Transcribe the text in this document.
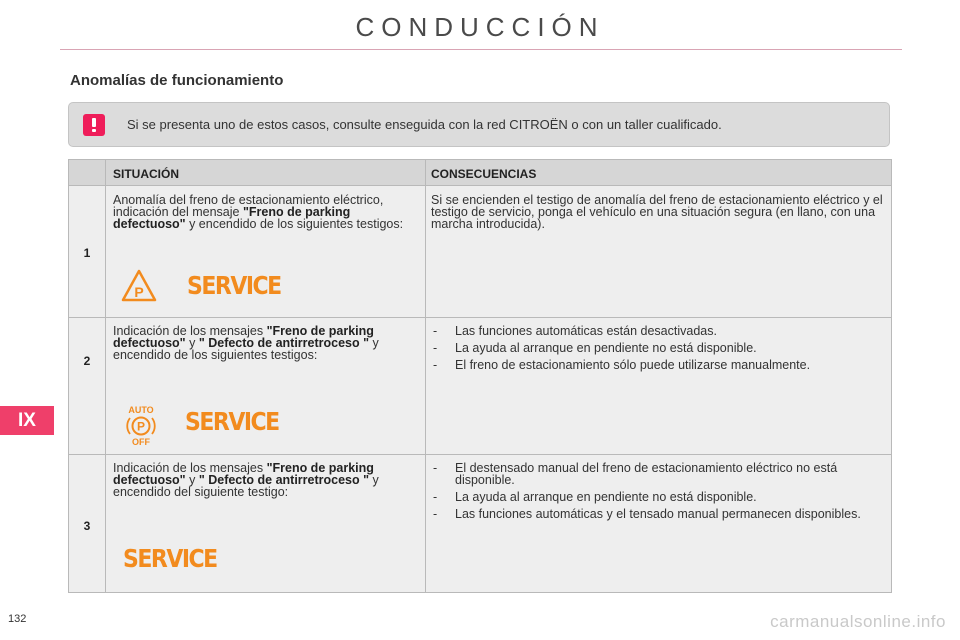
CONDUCCIÓN
Anomalías de funcionamiento
Si se presenta uno de estos casos, consulte enseguida con la red CITROËN o con un taller cualificado.
SITUACIÓN	CONSECUENCIAS
1
Anomalía del freno de estacionamiento eléctrico, indicación del mensaje "Freno de parking defectuoso" y encendido de los siguientes testigos:
P SERVICE
Si se encienden el testigo de anomalía del freno de estacionamiento eléctrico y el testigo de servicio, ponga el vehículo en una situación segura (en llano, con una marcha introducida).
2
Indicación de los mensajes "Freno de parking defectuoso" y " Defecto de antirretroceso " y encendido de los siguientes testigos:
AUTO
P
OFF
SERVICE
- Las funciones automáticas están desactivadas.
- La ayuda al arranque en pendiente no está disponible.
- El freno de estacionamiento sólo puede utilizarse manualmente.
3
Indicación de los mensajes "Freno de parking defectuoso" y " Defecto de antirretroceso " y encendido del siguiente testigo:
SERVICE
- El destensado manual del freno de estacionamiento eléctrico no está disponible.
- La ayuda al arranque en pendiente no está disponible.
- Las funciones automáticas y el tensado manual permanecen disponibles.
IX
132	carmanualsonline.info
